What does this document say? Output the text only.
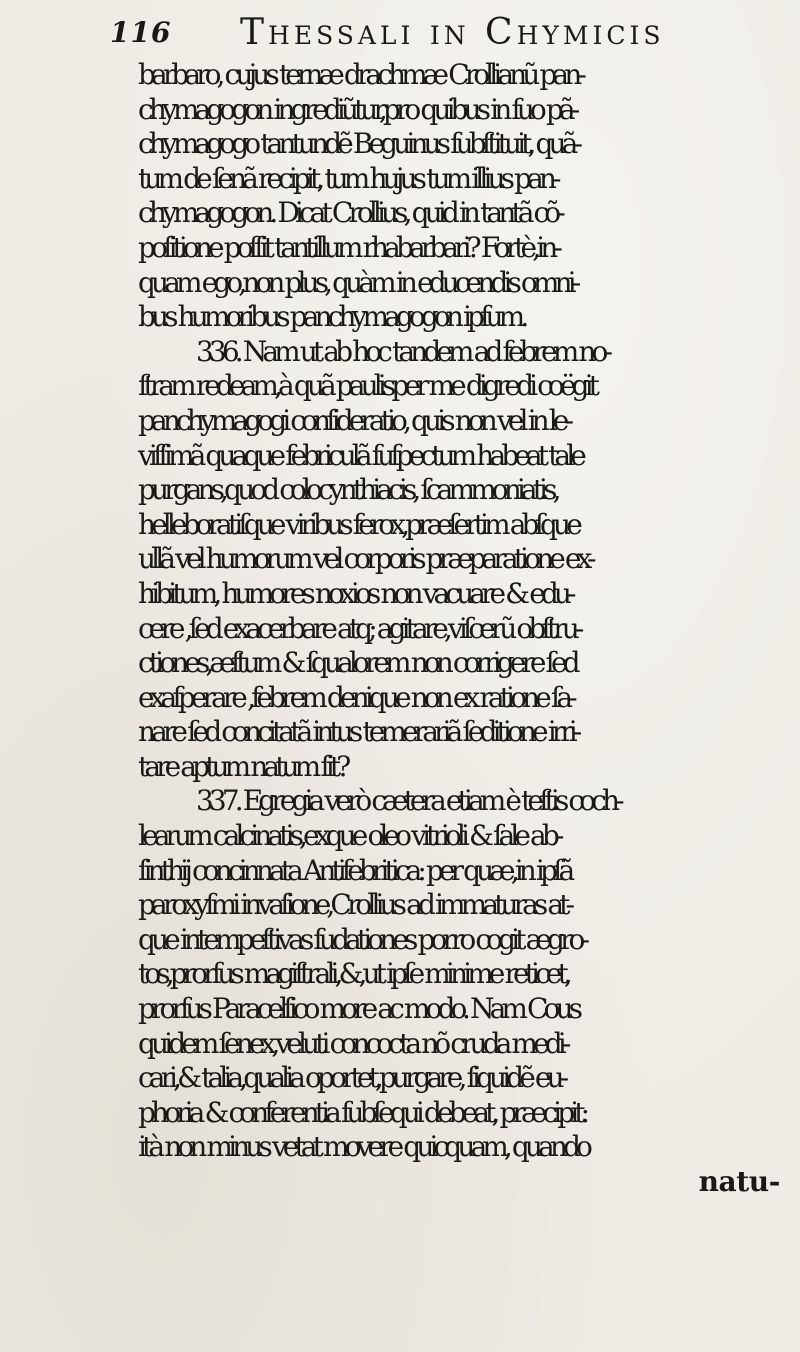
116 Thessali in Chymicis
barbaro, cujus ternæ drachmæ Crollianũ pan-
chymagogon ingrediũtur,pro quibus in ſuo pã-
chymagogo tantundẽ Beguinus ſubſtituit, quã-
tum de ſenã recipit, tum hujus tum illius pan-
chymagogon. Dicat Crollius, quid in tantã cõ-
poſitione poſſit tantillum rhabarbari? Fortè,in-
quam ego,non plus, quàm in educendis omni-
bus humoribus panchymagogon ipſum.
336. Nam ut ab hoc tandem ad febrem no-
ſtram redeam,à quã paulisper me digredi coëgit
panchymagogi conſideratio, quis non vel in le-
viſſimã quaque febriculã ſuſpectum habeat tale
purgans,quod colocynthiacis, ſcammoniatis,
helleboratiſque viribus ferox,præſertim abſque
ullã vel humorum vel corporis præparatione ex-
hibitum, humores noxios non vacuare & edu-
cere ,ſed exacerbare atq; agitare,viſcerũ obſtru-
ctiones,æſtum & ſqualorem non corrigere ſed
exaſperare ,febrem denique non ex ratione ſa-
nare ſed concitatã intus temerariã ſeditione irri-
tare aptum natum ſit?
337. Egregia verò cætera etiam è teſtis coch-
learum calcinatis,exque oleo vitrioli & ſale ab-
ſinthij concinnata Antifebritica: per quæ,in ipſã
paroxyſmi invaſione,Crollius ad immaturas at-
que intempeſtivas ſudationes porro cogit ægro-
tos,prorſus magiſtrali,&,ut ipſe minime reticet,
prorſus Paracelſico more ac modo. Nam Cous
quidem ſenex,veluti concocta nõ cruda medi-
cari,& talia,qualia oportet,purgare, ſiquidẽ eu-
phoria & conferentia ſubſequi debeat, præcipit:
ità non minus vetat movere quicquam, quando
natu-
